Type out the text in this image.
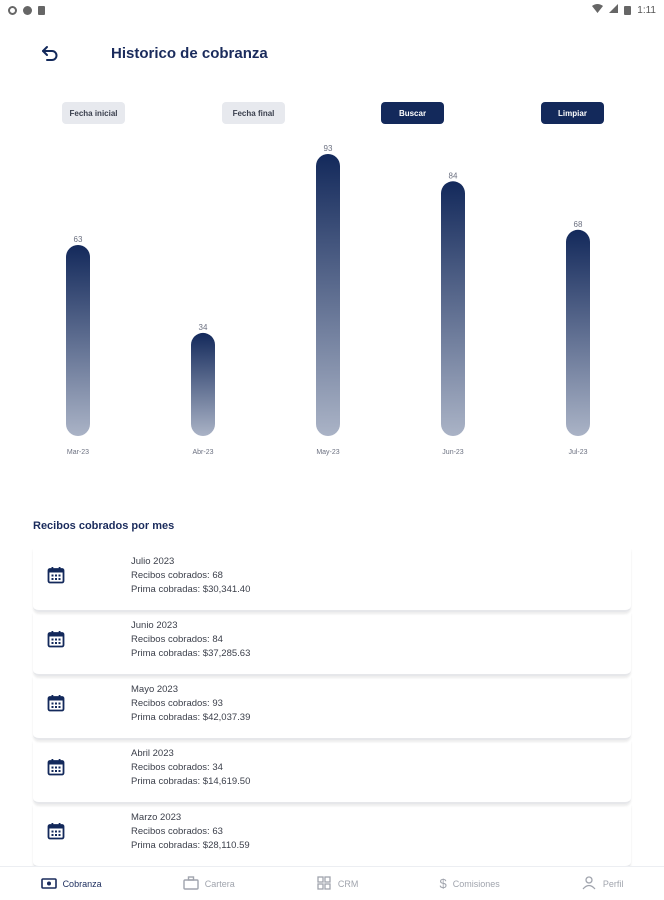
1:11
Historico de cobranza
Fecha inicial	Fecha final	Buscar	Limpiar
63
Mar-23
34
Abr-23
93
May-23
84
Jun-23
68
Jul-23
Recibos cobrados por mes
Julio 2023
Recibos cobrados: 68
Prima cobradas: $30,341.40
Junio 2023
Recibos cobrados: 84
Prima cobradas: $37,285.63
Mayo 2023
Recibos cobrados: 93
Prima cobradas: $42,037.39
Abril 2023
Recibos cobrados: 34
Prima cobradas: $14,619.50
Marzo 2023
Recibos cobrados: 63
Prima cobradas: $28,110.59
Cobranza	Cartera	CRM	$ Comisiones	Perfil
